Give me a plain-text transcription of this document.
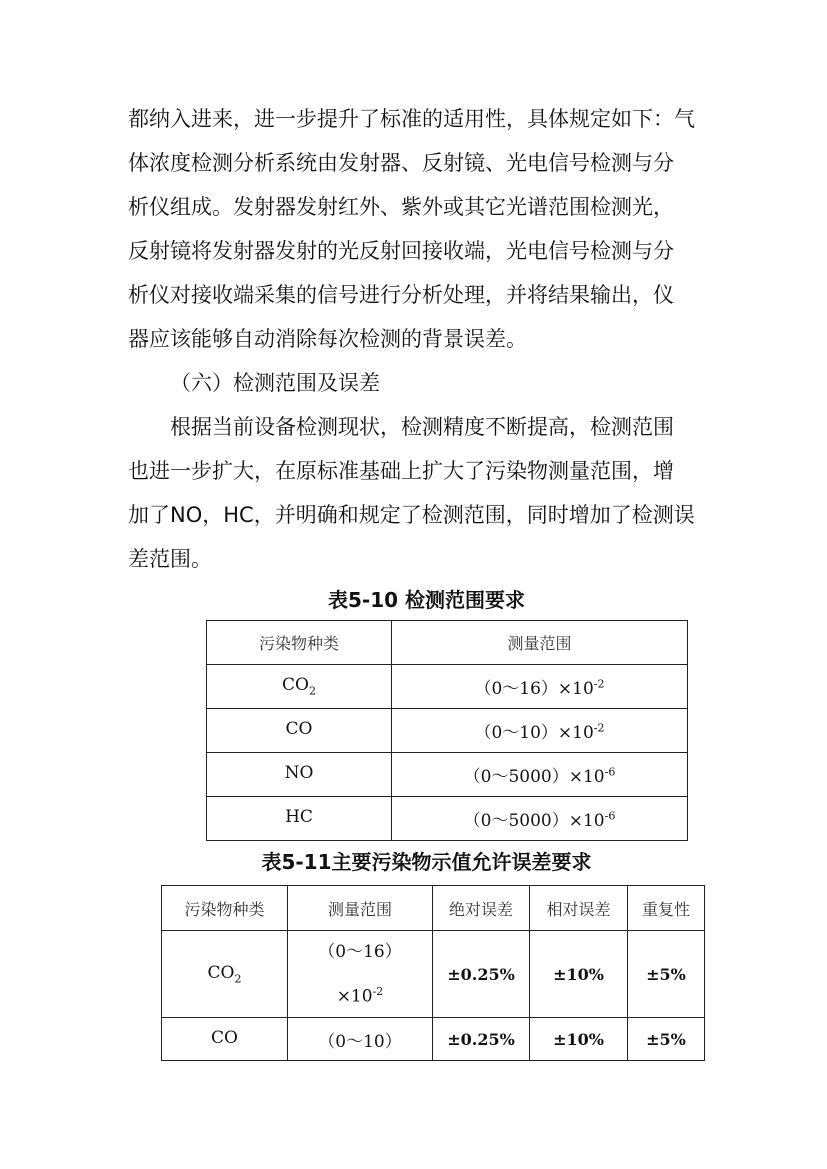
都纳入进来，进一步提升了标准的适用性，具体规定如下：气
体浓度检测分析系统由发射器、反射镜、光电信号检测与分
析仪组成。发射器发射红外、紫外或其它光谱范围检测光，
反射镜将发射器发射的光反射回接收端，光电信号检测与分
析仪对接收端采集的信号进行分析处理，并将结果输出，仪
器应该能够自动消除每次检测的背景误差。

（六）检测范围及误差

根据当前设备检测现状，检测精度不断提高，检测范围
也进一步扩大，在原标准基础上扩大了污染物测量范围，增
加了NO，HC，并明确和规定了检测范围，同时增加了检测误
差范围。

表5-10 检测范围要求
污染物种类	测量范围
$CO_2$	$(0\sim 16)\times 10^{-2}$
CO	$(0\sim 10)\times 10^{-2}$
NO	$(0\sim 5000)\times 10^{-6}$
HC	$(0\sim 5000)\times 10^{-6}$
表5-11主要污染物示值允许误差要求
污染物种类	测量范围	绝对误差	相对误差	重复性
$CO_2$	（0～16）
$\times 10^{-2}$	±0.25%	±10%	±5%
CO	（0～10）	±0.25%	±10%	±5%
